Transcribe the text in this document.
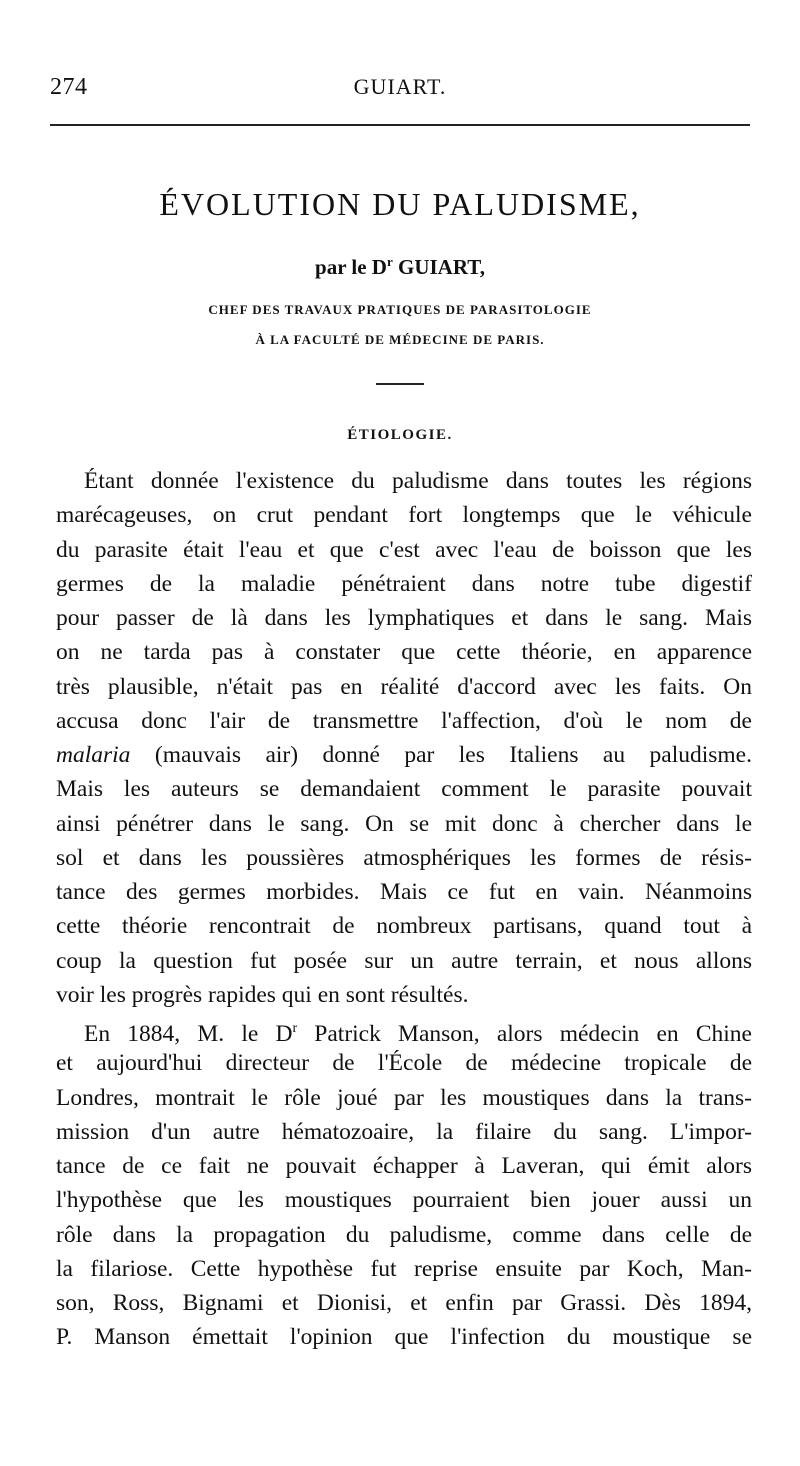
274	GUIART.
ÉVOLUTION DU PALUDISME,
par le $D^r$ GUIART,
CHEF DES TRAVAUX PRATIQUES DE PARASITOLOGIE
À LA FACULTÉ DE MÉDECINE DE PARIS.
ÉTIOLOGIE.
Étant donnée l'existence du paludisme dans toutes les régions
marécageuses, on crut pendant fort longtemps que le véhicule
du parasite était l'eau et que c'est avec l'eau de boisson que les
germes de la maladie pénétraient dans notre tube digestif
pour passer de là dans les lymphatiques et dans le sang. Mais
on ne tarda pas à constater que cette théorie, en apparence
très plausible, n'était pas en réalité d'accord avec les faits. On
accusa donc l'air de transmettre l'affection, d'où le nom de
malaria (mauvais air) donné par les Italiens au paludisme.
Mais les auteurs se demandaient comment le parasite pouvait
ainsi pénétrer dans le sang. On se mit donc à chercher dans le
sol et dans les poussières atmosphériques les formes de résis-
tance des germes morbides. Mais ce fut en vain. Néanmoins
cette théorie rencontrait de nombreux partisans, quand tout à
coup la question fut posée sur un autre terrain, et nous allons
voir les progrès rapides qui en sont résultés.
En 1884, M. le $D^r$ Patrick Manson, alors médecin en Chine
et aujourd'hui directeur de l'École de médecine tropicale de
Londres, montrait le rôle joué par les moustiques dans la trans-
mission d'un autre hématozoaire, la filaire du sang. L'impor-
tance de ce fait ne pouvait échapper à Laveran, qui émit alors
l'hypothèse que les moustiques pourraient bien jouer aussi un
rôle dans la propagation du paludisme, comme dans celle de
la filariose. Cette hypothèse fut reprise ensuite par Koch, Man-
son, Ross, Bignami et Dionisi, et enfin par Grassi. Dès 1894,
P. Manson émettait l'opinion que l'infection du moustique se
